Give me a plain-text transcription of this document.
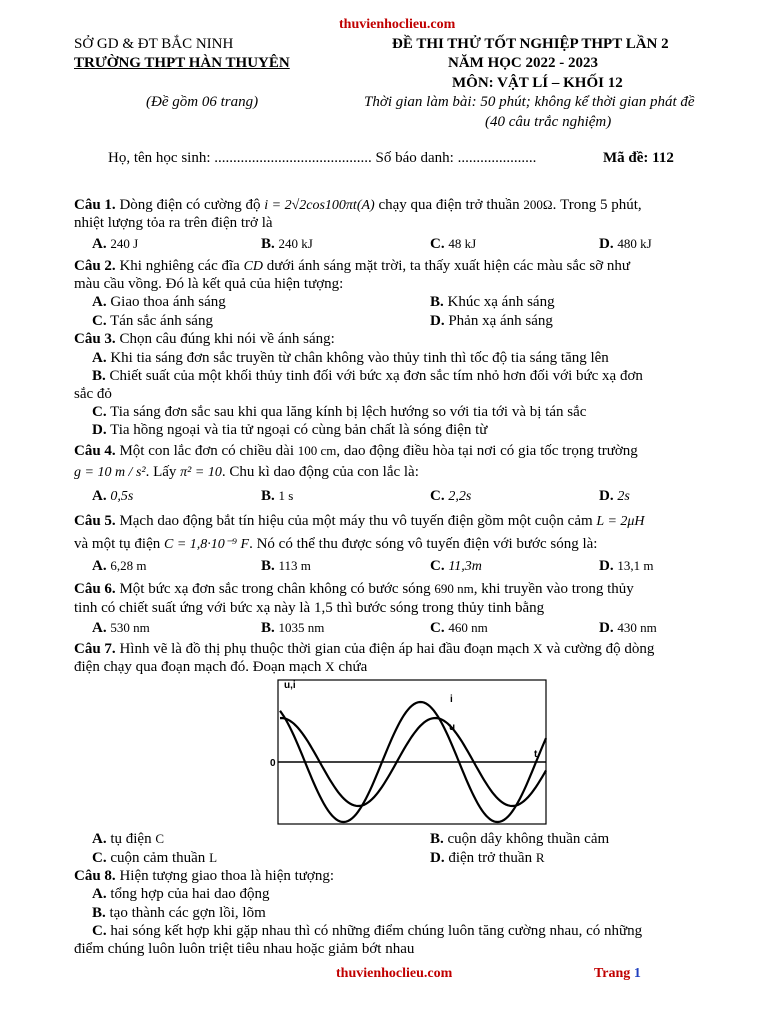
thuvienhoclieu.com
SỞ GD & ĐT BẮC NINH
TRƯỜNG THPT HÀN THUYÊN
(Đề gồm 06 trang)
ĐỀ THI THỬ TỐT NGHIỆP THPT LẦN 2
NĂM HỌC 2022 - 2023
MÔN: VẬT LÍ – KHỐI 12
Thời gian làm bài: 50 phút; không kể thời gian phát đề
(40 câu trắc nghiệm)
Họ, tên học sinh: .......................................... Số báo danh: .....................	Mã đề: 112
Câu 1. Dòng điện có cường độ i = 2√2cos100πt(A) chạy qua điện trở thuần 200Ω. Trong 5 phút,
nhiệt lượng tỏa ra trên điện trở là
A. 240 J	B. 240 kJ	C. 48 kJ	D. 480 kJ
Câu 2. Khi nghiêng các đĩa CD dưới ánh sáng mặt trời, ta thấy xuất hiện các màu sắc sỡ như
màu cầu vồng. Đó là kết quả của hiện tượng:
A. Giao thoa ánh sáng	B. Khúc xạ ánh sáng
C. Tán sắc ánh sáng	D. Phản xạ ánh sáng
Câu 3. Chọn câu đúng khi nói về ánh sáng:
A. Khi tia sáng đơn sắc truyền từ chân không vào thủy tinh thì tốc độ tia sáng tăng lên
B. Chiết suất của một khối thủy tinh đối với bức xạ đơn sắc tím nhỏ hơn đối với bức xạ đơn
sắc đỏ
C. Tia sáng đơn sắc sau khi qua lăng kính bị lệch hướng so với tia tới và bị tán sắc
D. Tia hồng ngoại và tia tử ngoại có cùng bản chất là sóng điện từ
Câu 4. Một con lắc đơn có chiều dài 100 cm, dao động điều hòa tại nơi có gia tốc trọng trường
g = 10 m / s². Lấy π² = 10. Chu kì dao động của con lắc là:
A. 0,5s	B. 1 s	C. 2,2s	D. 2s
Câu 5. Mạch dao động bắt tín hiệu của một máy thu vô tuyến điện gồm một cuộn cảm L = 2μH
và một tụ điện C = 1,8·10⁻⁹ F. Nó có thể thu được sóng vô tuyến điện với bước sóng là:
A. 6,28 m	B. 113 m	C. 11,3m	D. 13,1 m
Câu 6. Một bức xạ đơn sắc trong chân không có bước sóng 690 nm, khi truyền vào trong thủy
tinh có chiết suất ứng với bức xạ này là 1,5 thì bước sóng trong thủy tinh bằng
A. 530 nm	B. 1035 nm	C. 460 nm	D. 430 nm
Câu 7. Hình vẽ là đồ thị phụ thuộc thời gian của điện áp hai đầu đoạn mạch X và cường độ dòng
điện chạy qua đoạn mạch đó. Đoạn mạch X chứa
u,i
t
0
i
u
A. tụ điện C	B. cuộn dây không thuần cảm
C. cuộn cảm thuần L	D. điện trở thuần R
Câu 8. Hiện tượng giao thoa là hiện tượng:
A. tổng hợp của hai dao động
B. tạo thành các gợn lồi, lõm
C. hai sóng kết hợp khi gặp nhau thì có những điểm chúng luôn tăng cường nhau, có những
điểm chúng luôn luôn triệt tiêu nhau hoặc giảm bớt nhau
thuvienhoclieu.com	Trang 1
